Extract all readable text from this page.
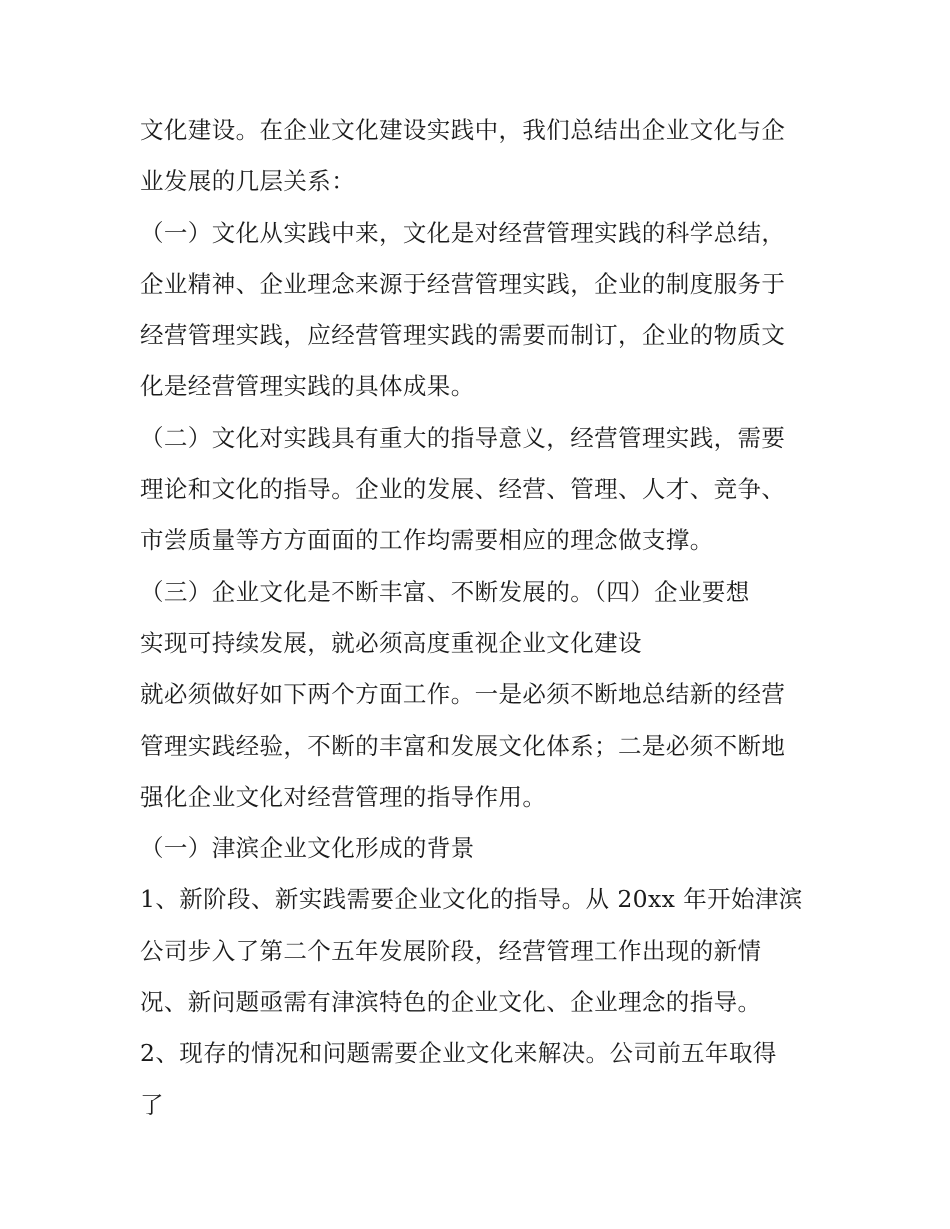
文化建设。在企业文化建设实践中，我们总结出企业文化与企
业发展的几层关系：
（一）文化从实践中来，文化是对经营管理实践的科学总结，
企业精神、企业理念来源于经营管理实践，企业的制度服务于
经营管理实践，应经营管理实践的需要而制订，企业的物质文
化是经营管理实践的具体成果。
（二）文化对实践具有重大的指导意义，经营管理实践，需要
理论和文化的指导。企业的发展、经营、管理、人才、竞争、
市尝质量等方方面面的工作均需要相应的理念做支撑。
（三）企业文化是不断丰富、不断发展的。（四）企业要想
实现可持续发展，就必须高度重视企业文化建设
就必须做好如下两个方面工作。一是必须不断地总结新的经营
管理实践经验，不断的丰富和发展文化体系；二是必须不断地
强化企业文化对经营管理的指导作用。
（一）津滨企业文化形成的背景
1、新阶段、新实践需要企业文化的指导。从 20xx 年开始津滨
公司步入了第二个五年发展阶段，经营管理工作出现的新情
况、新问题亟需有津滨特色的企业文化、企业理念的指导。
2、现存的情况和问题需要企业文化来解决。公司前五年取得
了
